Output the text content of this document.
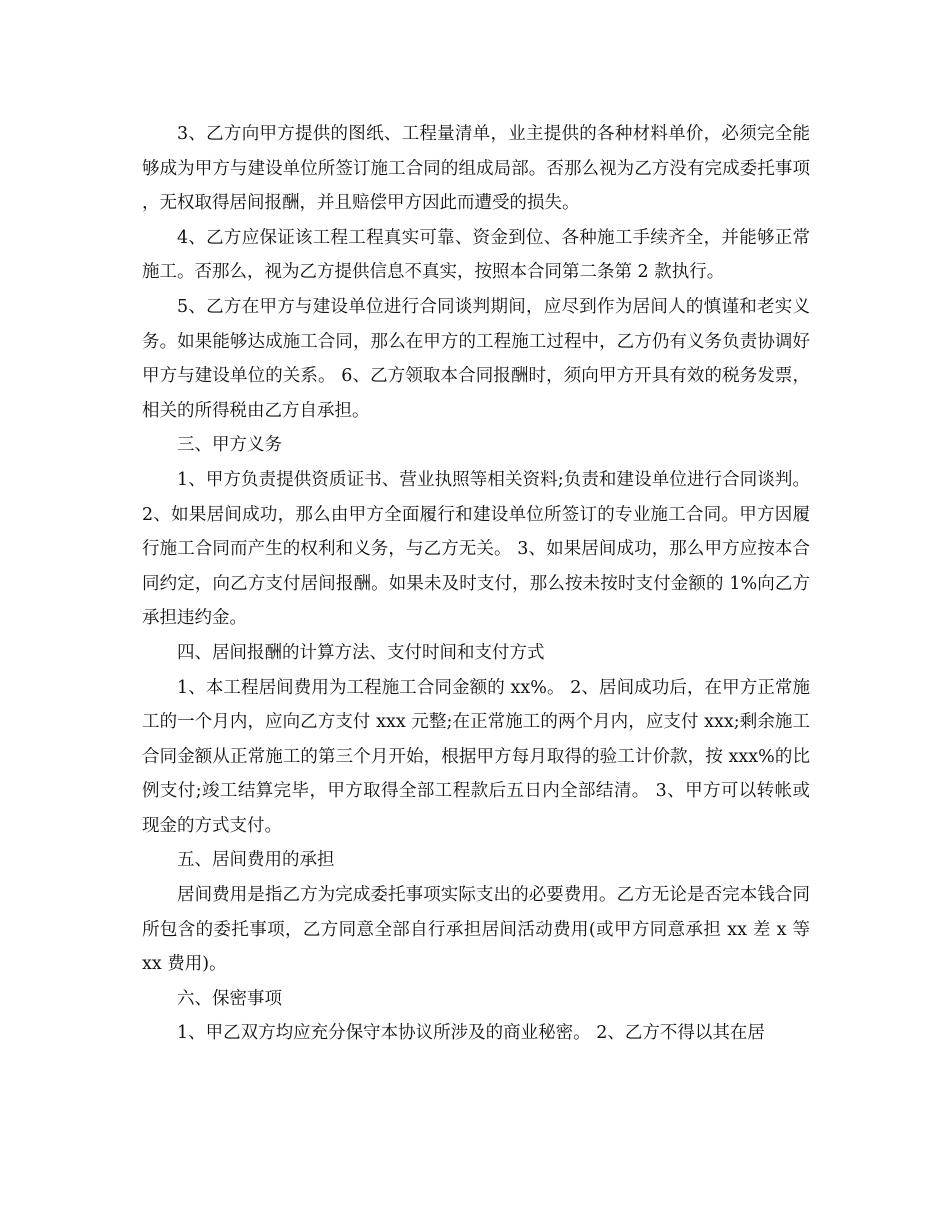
3、乙方向甲方提供的图纸、工程量清单，业主提供的各种材料单价，必须完全能够成为甲方与建设单位所签订施工合同的组成局部。否那么视为乙方没有完成委托事项，无权取得居间报酬，并且赔偿甲方因此而遭受的损失。

4、乙方应保证该工程工程真实可靠、资金到位、各种施工手续齐全，并能够正常施工。否那么，视为乙方提供信息不真实，按照本合同第二条第 2 款执行。

5、乙方在甲方与建设单位进行合同谈判期间，应尽到作为居间人的慎谨和老实义务。如果能够达成施工合同，那么在甲方的工程施工过程中，乙方仍有义务负责协调好甲方与建设单位的关系。 6、乙方领取本合同报酬时，须向甲方开具有效的税务发票，相关的所得税由乙方自承担。

三、甲方义务

1、甲方负责提供资质证书、营业执照等相关资料;负责和建设单位进行合同谈判。 2、如果居间成功，那么由甲方全面履行和建设单位所签订的专业施工合同。甲方因履行施工合同而产生的权利和义务，与乙方无关。 3、如果居间成功，那么甲方应按本合同约定，向乙方支付居间报酬。如果未及时支付，那么按未按时支付金额的 1%向乙方承担违约金。

四、居间报酬的计算方法、支付时间和支付方式

1、本工程居间费用为工程施工合同金额的 xx%。 2、居间成功后，在甲方正常施工的一个月内，应向乙方支付 xxx 元整;在正常施工的两个月内，应支付 xxx;剩余施工合同金额从正常施工的第三个月开始，根据甲方每月取得的验工计价款，按 xxx%的比例支付;竣工结算完毕，甲方取得全部工程款后五日内全部结清。 3、甲方可以转帐或现金的方式支付。

五、居间费用的承担

居间费用是指乙方为完成委托事项实际支出的必要费用。乙方无论是否完本钱合同所包含的委托事项，乙方同意全部自行承担居间活动费用(或甲方同意承担 xx 差 x 等 xx 费用)。

六、保密事项

1、甲乙双方均应充分保守本协议所涉及的商业秘密。 2、乙方不得以其在居
